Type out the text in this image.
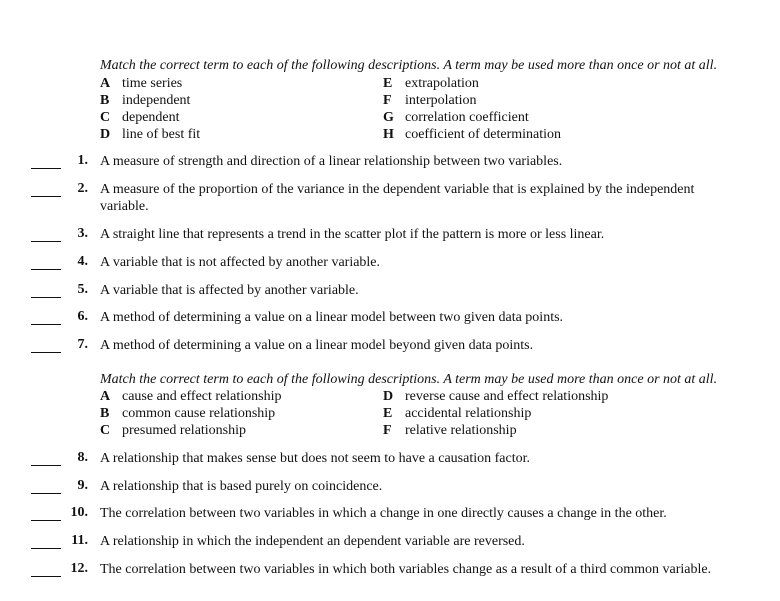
Match the correct term to each of the following descriptions. A term may be used more than once or not at all.
A time series
B independent
C dependent
D line of best fit
E extrapolation
F interpolation
G correlation coefficient
H coefficient of determination
1. A measure of strength and direction of a linear relationship between two variables.
2. A measure of the proportion of the variance in the dependent variable that is explained by the independent variable.
3. A straight line that represents a trend in the scatter plot if the pattern is more or less linear.
4. A variable that is not affected by another variable.
5. A variable that is affected by another variable.
6. A method of determining a value on a linear model between two given data points.
7. A method of determining a value on a linear model beyond given data points.
Match the correct term to each of the following descriptions. A term may be used more than once or not at all.
A cause and effect relationship
B common cause relationship
C presumed relationship
D reverse cause and effect relationship
E accidental relationship
F relative relationship
8. A relationship that makes sense but does not seem to have a causation factor.
9. A relationship that is based purely on coincidence.
10. The correlation between two variables in which a change in one directly causes a change in the other.
11. A relationship in which the independent an dependent variable are reversed.
12. The correlation between two variables in which both variables change as a result of a third common variable.
